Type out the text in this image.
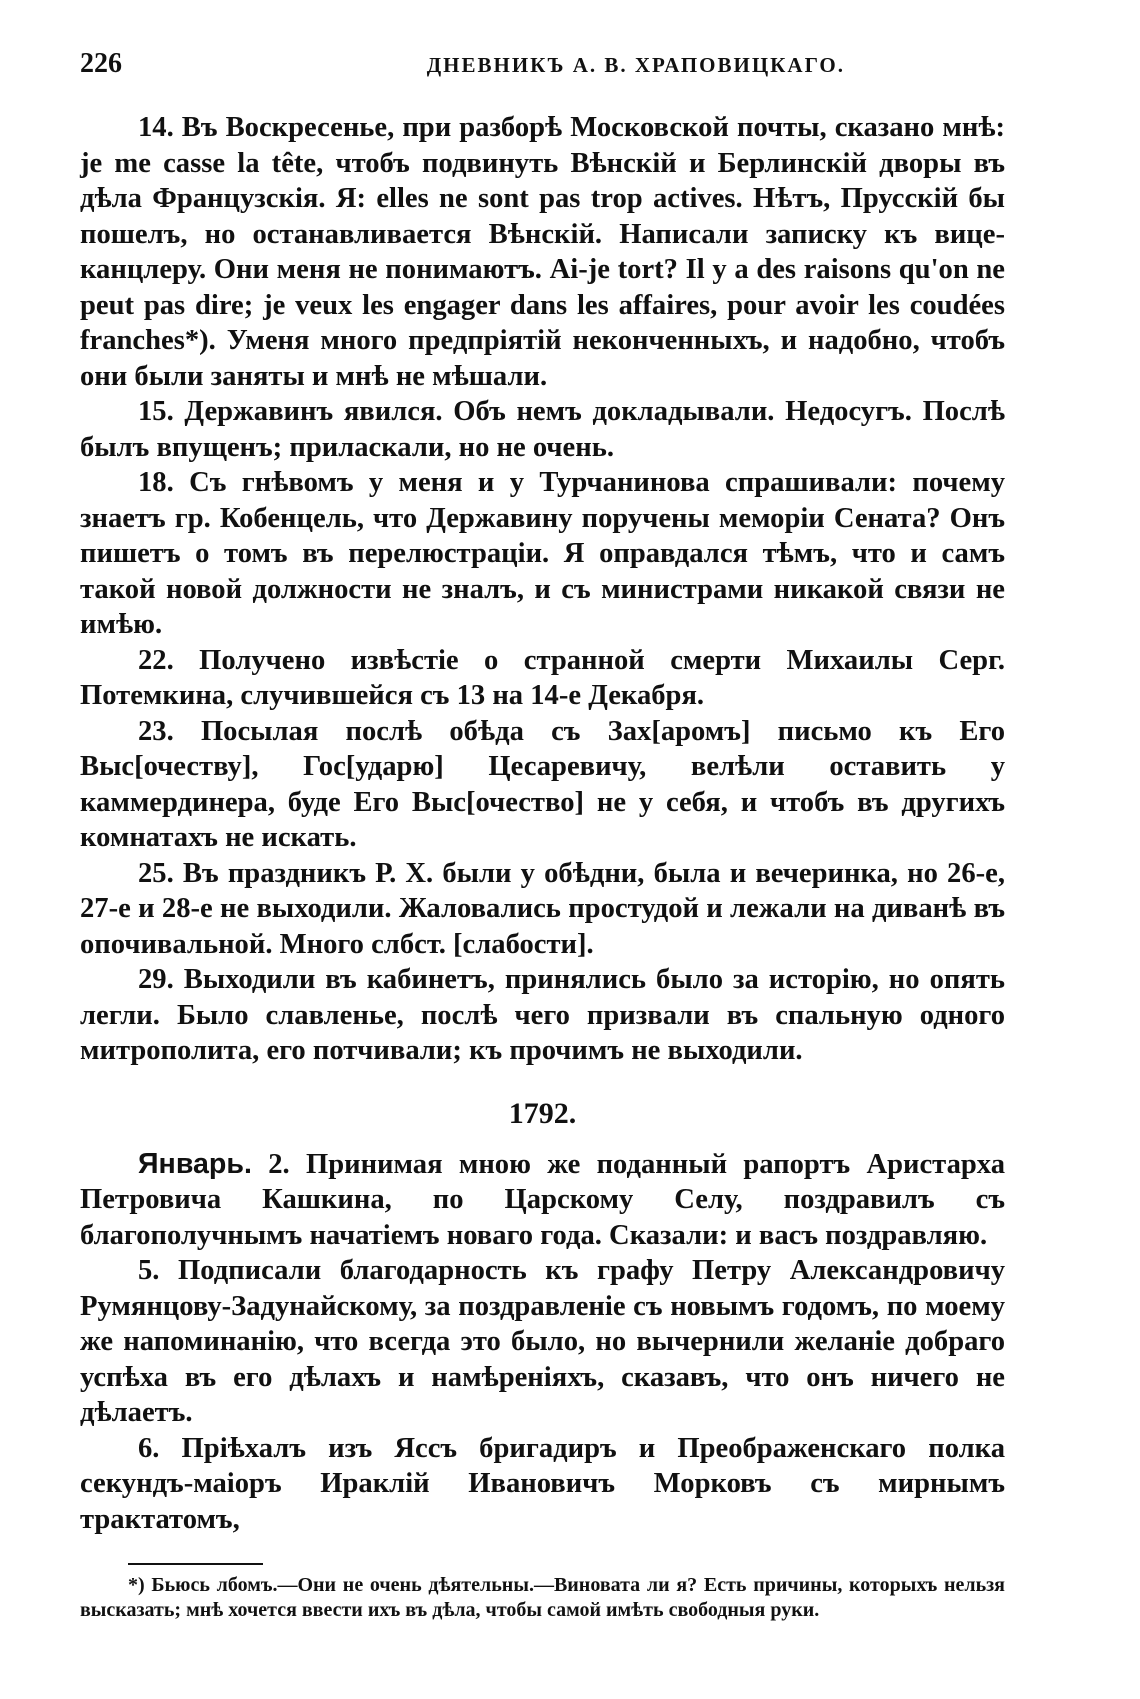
226	ДНЕВНИКЪ А. В. ХРАПОВИЦКАГО.

14. Въ Воскресенье, при разборѣ Московской почты, сказано мнѣ: je me casse la tête, чтобъ подвинуть Вѣнскій и Берлинскій дворы въ дѣла Французскія. Я: elles ne sont pas trop actives. Нѣтъ, Прусскій бы пошелъ, но останавливается Вѣнскій. Написали записку къ вице-канцлеру. Они меня не понимаютъ. Ai-je tort? Il y a des raisons qu'on ne peut pas dire; je veux les engager dans les affaires, pour avoir les coudées franches*). Уменя много предпріятій неконченныхъ, и надобно, чтобъ они были заняты и мнѣ не мѣшали.

15. Державинъ явился. Объ немъ докладывали. Недосугъ. Послѣ былъ впущенъ; приласкали, но не очень.

18. Съ гнѣвомъ у меня и у Турчанинова спрашивали: почему знаетъ гр. Кобенцель, что Державину поручены меморіи Сената? Онъ пишетъ о томъ въ перелюстраціи. Я оправдался тѣмъ, что и самъ такой новой должности не зналъ, и съ министрами никакой связи не имѣю.

22. Получено извѣстіе о странной смерти Михаилы Серг. Потемкина, случившейся съ 13 на 14-е Декабря.

23. Посылая послѣ обѣда съ Зах[аромъ] письмо къ Его Выс[очеству], Гос[ударю] Цесаревичу, велѣли оставить у каммердинера, буде Его Выс[очество] не у себя, и чтобъ въ другихъ комнатахъ не искать.

25. Въ праздникъ Р. Х. были у обѣдни, была и вечеринка, но 26-е, 27-е и 28-е не выходили. Жаловались простудой и лежали на диванѣ въ опочивальной. Много слбст. [слабости].

29. Выходили въ кабинетъ, принялись было за исторію, но опять легли. Было славленье, послѣ чего призвали въ спальную одного митрополита, его потчивали; къ прочимъ не выходили.

1792.

Январь. 2. Принимая мною же поданный рапортъ Аристарха Петровича Кашкина, по Царскому Селу, поздравилъ съ благополучнымъ начатіемъ новаго года. Сказали: и васъ поздравляю.

5. Подписали благодарность къ графу Петру Александровичу Румянцову-Задунайскому, за поздравленіе съ новымъ годомъ, по моему же напоминанію, что всегда это было, но вычернили желаніе добраго успѣха въ его дѣлахъ и намѣреніяхъ, сказавъ, что онъ ничего не дѣлаетъ.

6. Пріѣхалъ изъ Яссъ бригадиръ и Преображенскаго полка секундъ-маіоръ Ираклій Ивановичъ Морковъ съ мирнымъ трактатомъ,

*) Бьюсь лбомъ.—Они не очень дѣятельны.—Виновата ли я? Есть причины, которыхъ нельзя высказать; мнѣ хочется ввести ихъ въ дѣла, чтобы самой имѣть свободныя руки.
